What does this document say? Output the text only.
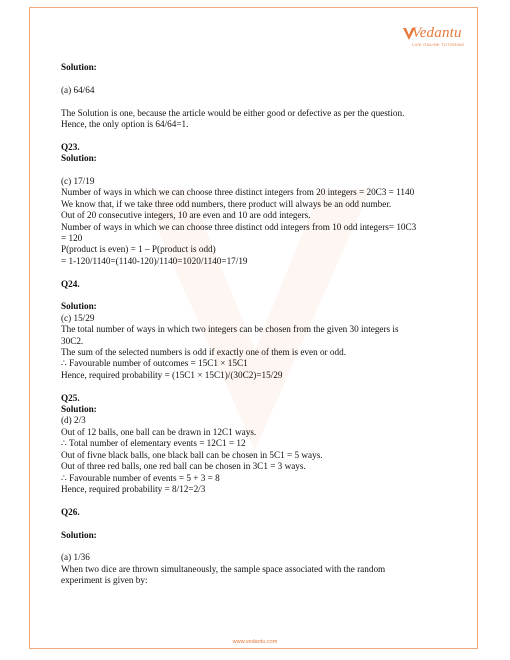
Vedantu
LIVE ONLINE TUTORING

Solution:

(a) 64/64

The Solution is one, because the article would be either good or defective as per the question.

Hence, the only option is 64/64=1.

Q23.

Solution:

(c) 17/19

Number of ways in which we can choose three distinct integers from 20 integers = 20C3 = 1140

We know that, if we take three odd numbers, there product will always be an odd number.

Out of 20 consecutive integers, 10 are even and 10 are odd integers.

Number of ways in which we can choose three distinct odd integers from 10 odd integers= 10C3

= 120

P(product is even) = 1 – P(product is odd)

= 1-120/1140=(1140-120)/1140=1020/1140=17/19

Q24.

Solution:

(c) 15/29

The total number of ways in which two integers can be chosen from the given 30 integers is

30C2.

The sum of the selected numbers is odd if exactly one of them is even or odd.

∴ Favourable number of outcomes = 15C1 × 15C1

Hence, required probability = (15C1 × 15C1)/(30C2)=15/29

Q25.

Solution:

(d) 2/3

Out of 12 balls, one ball can be drawn in 12C1 ways.

∴ Total number of elementary events = 12C1 = 12

Out of fivne black balls, one black ball can be chosen in 5C1 = 5 ways.

Out of three red balls, one red ball can be chosen in 3C1 = 3 ways.

∴ Favourable number of events = 5 + 3 = 8

Hence, required probability = 8/12=2/3

Q26.

Solution:

(a) 1/36

When two dice are thrown simultaneously, the sample space associated with the random

experiment is given by:

www.vedantu.com
